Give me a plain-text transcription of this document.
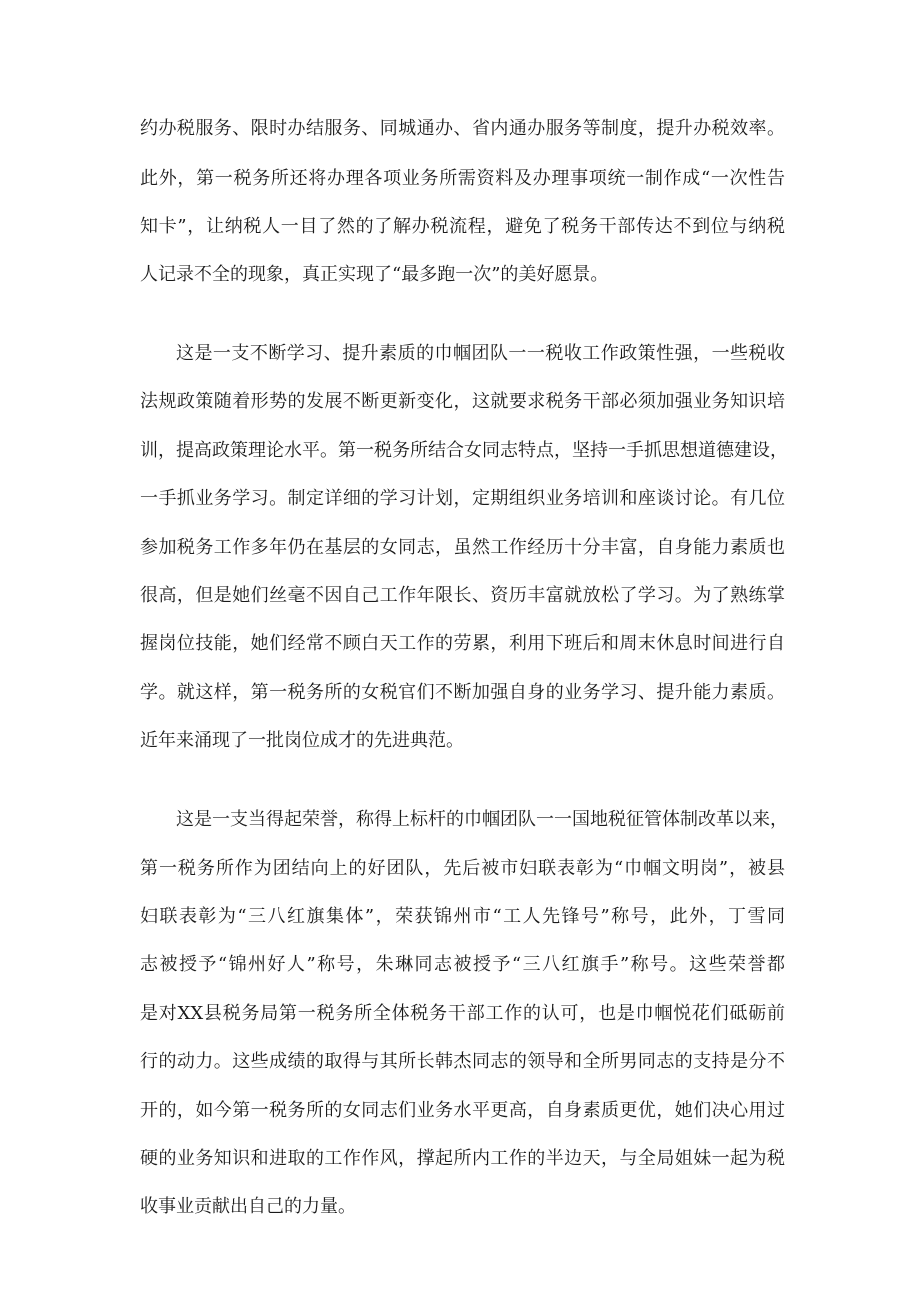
约办税服务、限时办结服务、同城通办、省内通办服务等制度，提升办税效率。

此外，第一税务所还将办理各项业务所需资料及办理事项统一制作成“一次性告

知卡”，让纳税人一目了然的了解办税流程，避免了税务干部传达不到位与纳税

人记录不全的现象，真正实现了“最多跑一次”的美好愿景。

这是一支不断学习、提升素质的巾帼团队一一税收工作政策性强，一些税收

法规政策随着形势的发展不断更新变化，这就要求税务干部必须加强业务知识培

训，提高政策理论水平。第一税务所结合女同志特点，坚持一手抓思想道德建设，

一手抓业务学习。制定详细的学习计划，定期组织业务培训和座谈讨论。有几位

参加税务工作多年仍在基层的女同志，虽然工作经历十分丰富，自身能力素质也

很高，但是她们丝毫不因自己工作年限长、资历丰富就放松了学习。为了熟练掌

握岗位技能，她们经常不顾白天工作的劳累，利用下班后和周末休息时间进行自

学。就这样，第一税务所的女税官们不断加强自身的业务学习、提升能力素质。

近年来涌现了一批岗位成才的先进典范。

这是一支当得起荣誉，称得上标杆的巾帼团队一一国地税征管体制改革以来，

第一税务所作为团结向上的好团队，先后被市妇联表彰为“巾帼文明岗”，被县

妇联表彰为“三八红旗集体”，荣获锦州市“工人先锋号”称号，此外，丁雪同

志被授予“锦州好人”称号，朱琳同志被授予“三八红旗手”称号。这些荣誉都

是对XX县税务局第一税务所全体税务干部工作的认可，也是巾帼悦花们砥砺前

行的动力。这些成绩的取得与其所长韩杰同志的领导和全所男同志的支持是分不

开的，如今第一税务所的女同志们业务水平更高，自身素质更优，她们决心用过

硬的业务知识和进取的工作作风，撑起所内工作的半边天，与全局姐妹一起为税

收事业贡献出自己的力量。
